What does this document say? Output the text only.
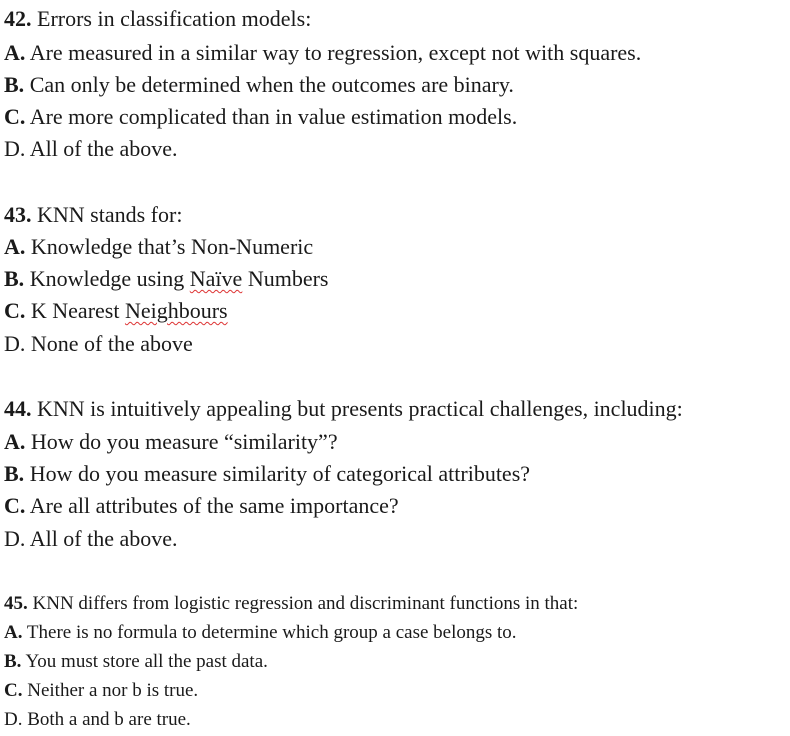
42. Errors in classification models:
A. Are measured in a similar way to regression, except not with squares.
B. Can only be determined when the outcomes are binary.
C. Are more complicated than in value estimation models.
D. All of the above.
43. KNN stands for:
A. Knowledge that’s Non-Numeric
B. Knowledge using Naïve Numbers
C. K Nearest Neighbours
D. None of the above
44. KNN is intuitively appealing but presents practical challenges, including:
A. How do you measure “similarity”?
B. How do you measure similarity of categorical attributes?
C. Are all attributes of the same importance?
D. All of the above.
45. KNN differs from logistic regression and discriminant functions in that:
A. There is no formula to determine which group a case belongs to.
B. You must store all the past data.
C. Neither a nor b is true.
D. Both a and b are true.
